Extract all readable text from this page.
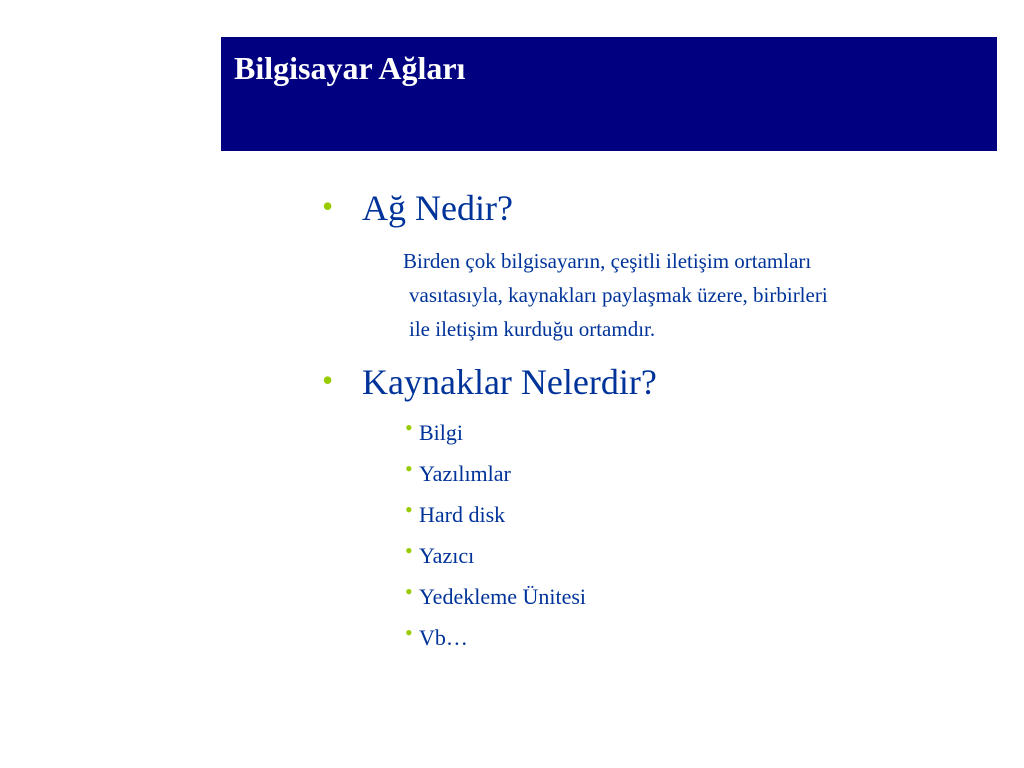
Bilgisayar Ağları
• Ağ Nedir?
Birden çok bilgisayarın, çeşitli iletişim ortamları
vasıtasıyla, kaynakları paylaşmak üzere, birbirleri
ile iletişim kurduğu ortamdır.
• Kaynaklar Nelerdir?
• Bilgi
• Yazılımlar
• Hard disk
• Yazıcı
• Yedekleme Ünitesi
• Vb…
